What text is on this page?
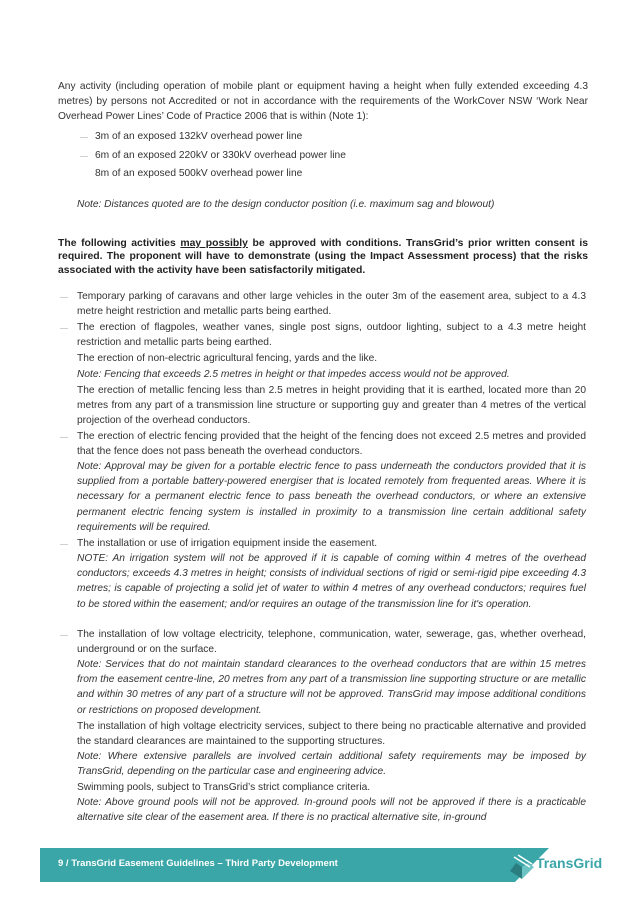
Any activity (including operation of mobile plant or equipment having a height when fully extended exceeding 4.3 metres) by persons not Accredited or not in accordance with the requirements of the WorkCover NSW ‘Work Near Overhead Power Lines’ Code of Practice 2006 that is within (Note 1):
3m of an exposed 132kV overhead power line
6m of an exposed 220kV or 330kV overhead power line
8m of an exposed 500kV overhead power line
Note: Distances quoted are to the design conductor position (i.e. maximum sag and blowout)
The following activities may possibly be approved with conditions. TransGrid’s prior written consent is required. The proponent will have to demonstrate (using the Impact Assessment process) that the risks associated with the activity have been satisfactorily mitigated.
Temporary parking of caravans and other large vehicles in the outer 3m of the easement area, subject to a 4.3 metre height restriction and metallic parts being earthed.
The erection of flagpoles, weather vanes, single post signs, outdoor lighting, subject to a 4.3 metre height restriction and metallic parts being earthed.
The erection of non-electric agricultural fencing, yards and the like.
Note: Fencing that exceeds 2.5 metres in height or that impedes access would not be approved.
The erection of metallic fencing less than 2.5 metres in height providing that it is earthed, located more than 20 metres from any part of a transmission line structure or supporting guy and greater than 4 metres of the vertical projection of the overhead conductors.
The erection of electric fencing provided that the height of the fencing does not exceed 2.5 metres and provided that the fence does not pass beneath the overhead conductors.
Note: Approval may be given for a portable electric fence to pass underneath the conductors provided that it is supplied from a portable battery-powered energiser that is located remotely from frequented areas. Where it is necessary for a permanent electric fence to pass beneath the overhead conductors, or where an extensive permanent electric fencing system is installed in proximity to a transmission line certain additional safety requirements will be required.
The installation or use of irrigation equipment inside the easement.
NOTE: An irrigation system will not be approved if it is capable of coming within 4 metres of the overhead conductors; exceeds 4.3 metres in height; consists of individual sections of rigid or semi-rigid pipe exceeding 4.3 metres; is capable of projecting a solid jet of water to within 4 metres of any overhead conductors; requires fuel to be stored within the easement; and/or requires an outage of the transmission line for it's operation.
The installation of low voltage electricity, telephone, communication, water, sewerage, gas, whether overhead, underground or on the surface.
Note: Services that do not maintain standard clearances to the overhead conductors that are within 15 metres from the easement centre-line, 20 metres from any part of a transmission line supporting structure or are metallic and within 30 metres of any part of a structure will not be approved. TransGrid may impose additional conditions or restrictions on proposed development.
The installation of high voltage electricity services, subject to there being no practicable alternative and provided the standard clearances are maintained to the supporting structures.
Note: Where extensive parallels are involved certain additional safety requirements may be imposed by TransGrid, depending on the particular case and engineering advice.
Swimming pools, subject to TransGrid’s strict compliance criteria.
Note: Above ground pools will not be approved. In-ground pools will not be approved if there is a practicable alternative site clear of the easement area. If there is no practical alternative site, in-ground
9 / TransGrid Easement Guidelines – Third Party Development	TransGrid
